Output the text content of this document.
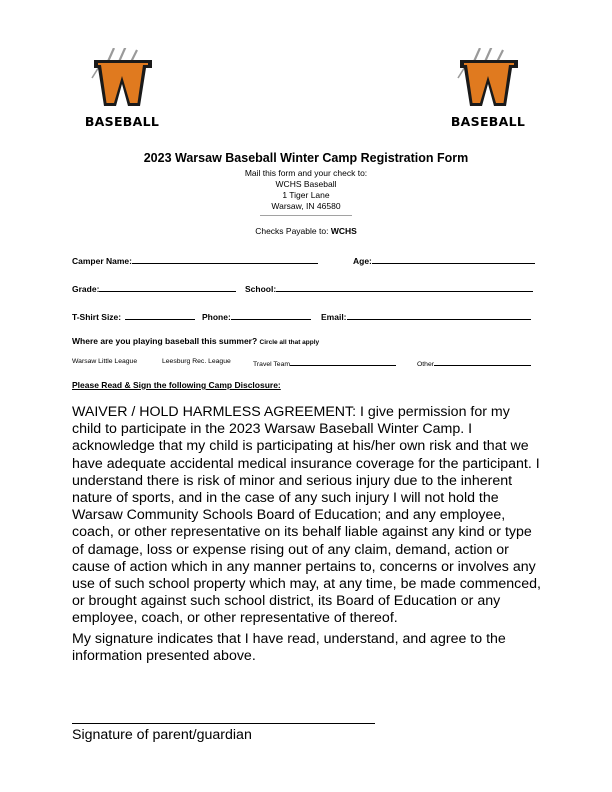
BASEBALL	BASEBALL
2023 Warsaw Baseball Winter Camp Registration Form
Mail this form and your check to:
WCHS Baseball
1 Tiger Lane
Warsaw, IN 46580
----------------------------------------------
Checks Payable to: WCHS
Camper Name:	Age:
Grade:	School:
T-Shirt Size:	Phone:	Email:
Where are you playing baseball this summer? Circle all that apply
Warsaw Little League	Leesburg Rec. League	Travel Team	Other
Please Read & Sign the following Camp Disclosure:
WAIVER / HOLD HARMLESS AGREEMENT: I give permission for my child to participate in the 2023 Warsaw Baseball Winter Camp. I acknowledge that my child is participating at his/her own risk and that we have adequate accidental medical insurance coverage for the participant. I understand there is risk of minor and serious injury due to the inherent nature of sports, and in the case of any such injury I will not hold the Warsaw Community Schools Board of Education; and any employee, coach, or other representative on its behalf liable against any kind or type of damage, loss or expense rising out of any claim, demand, action or cause of action which in any manner pertains to, concerns or involves any use of such school property which may, at any time, be made commenced, or brought against such school district, its Board of Education or any employee, coach, or other representative of thereof.
My signature indicates that I have read, understand, and agree to the information presented above.
Signature of parent/guardian
